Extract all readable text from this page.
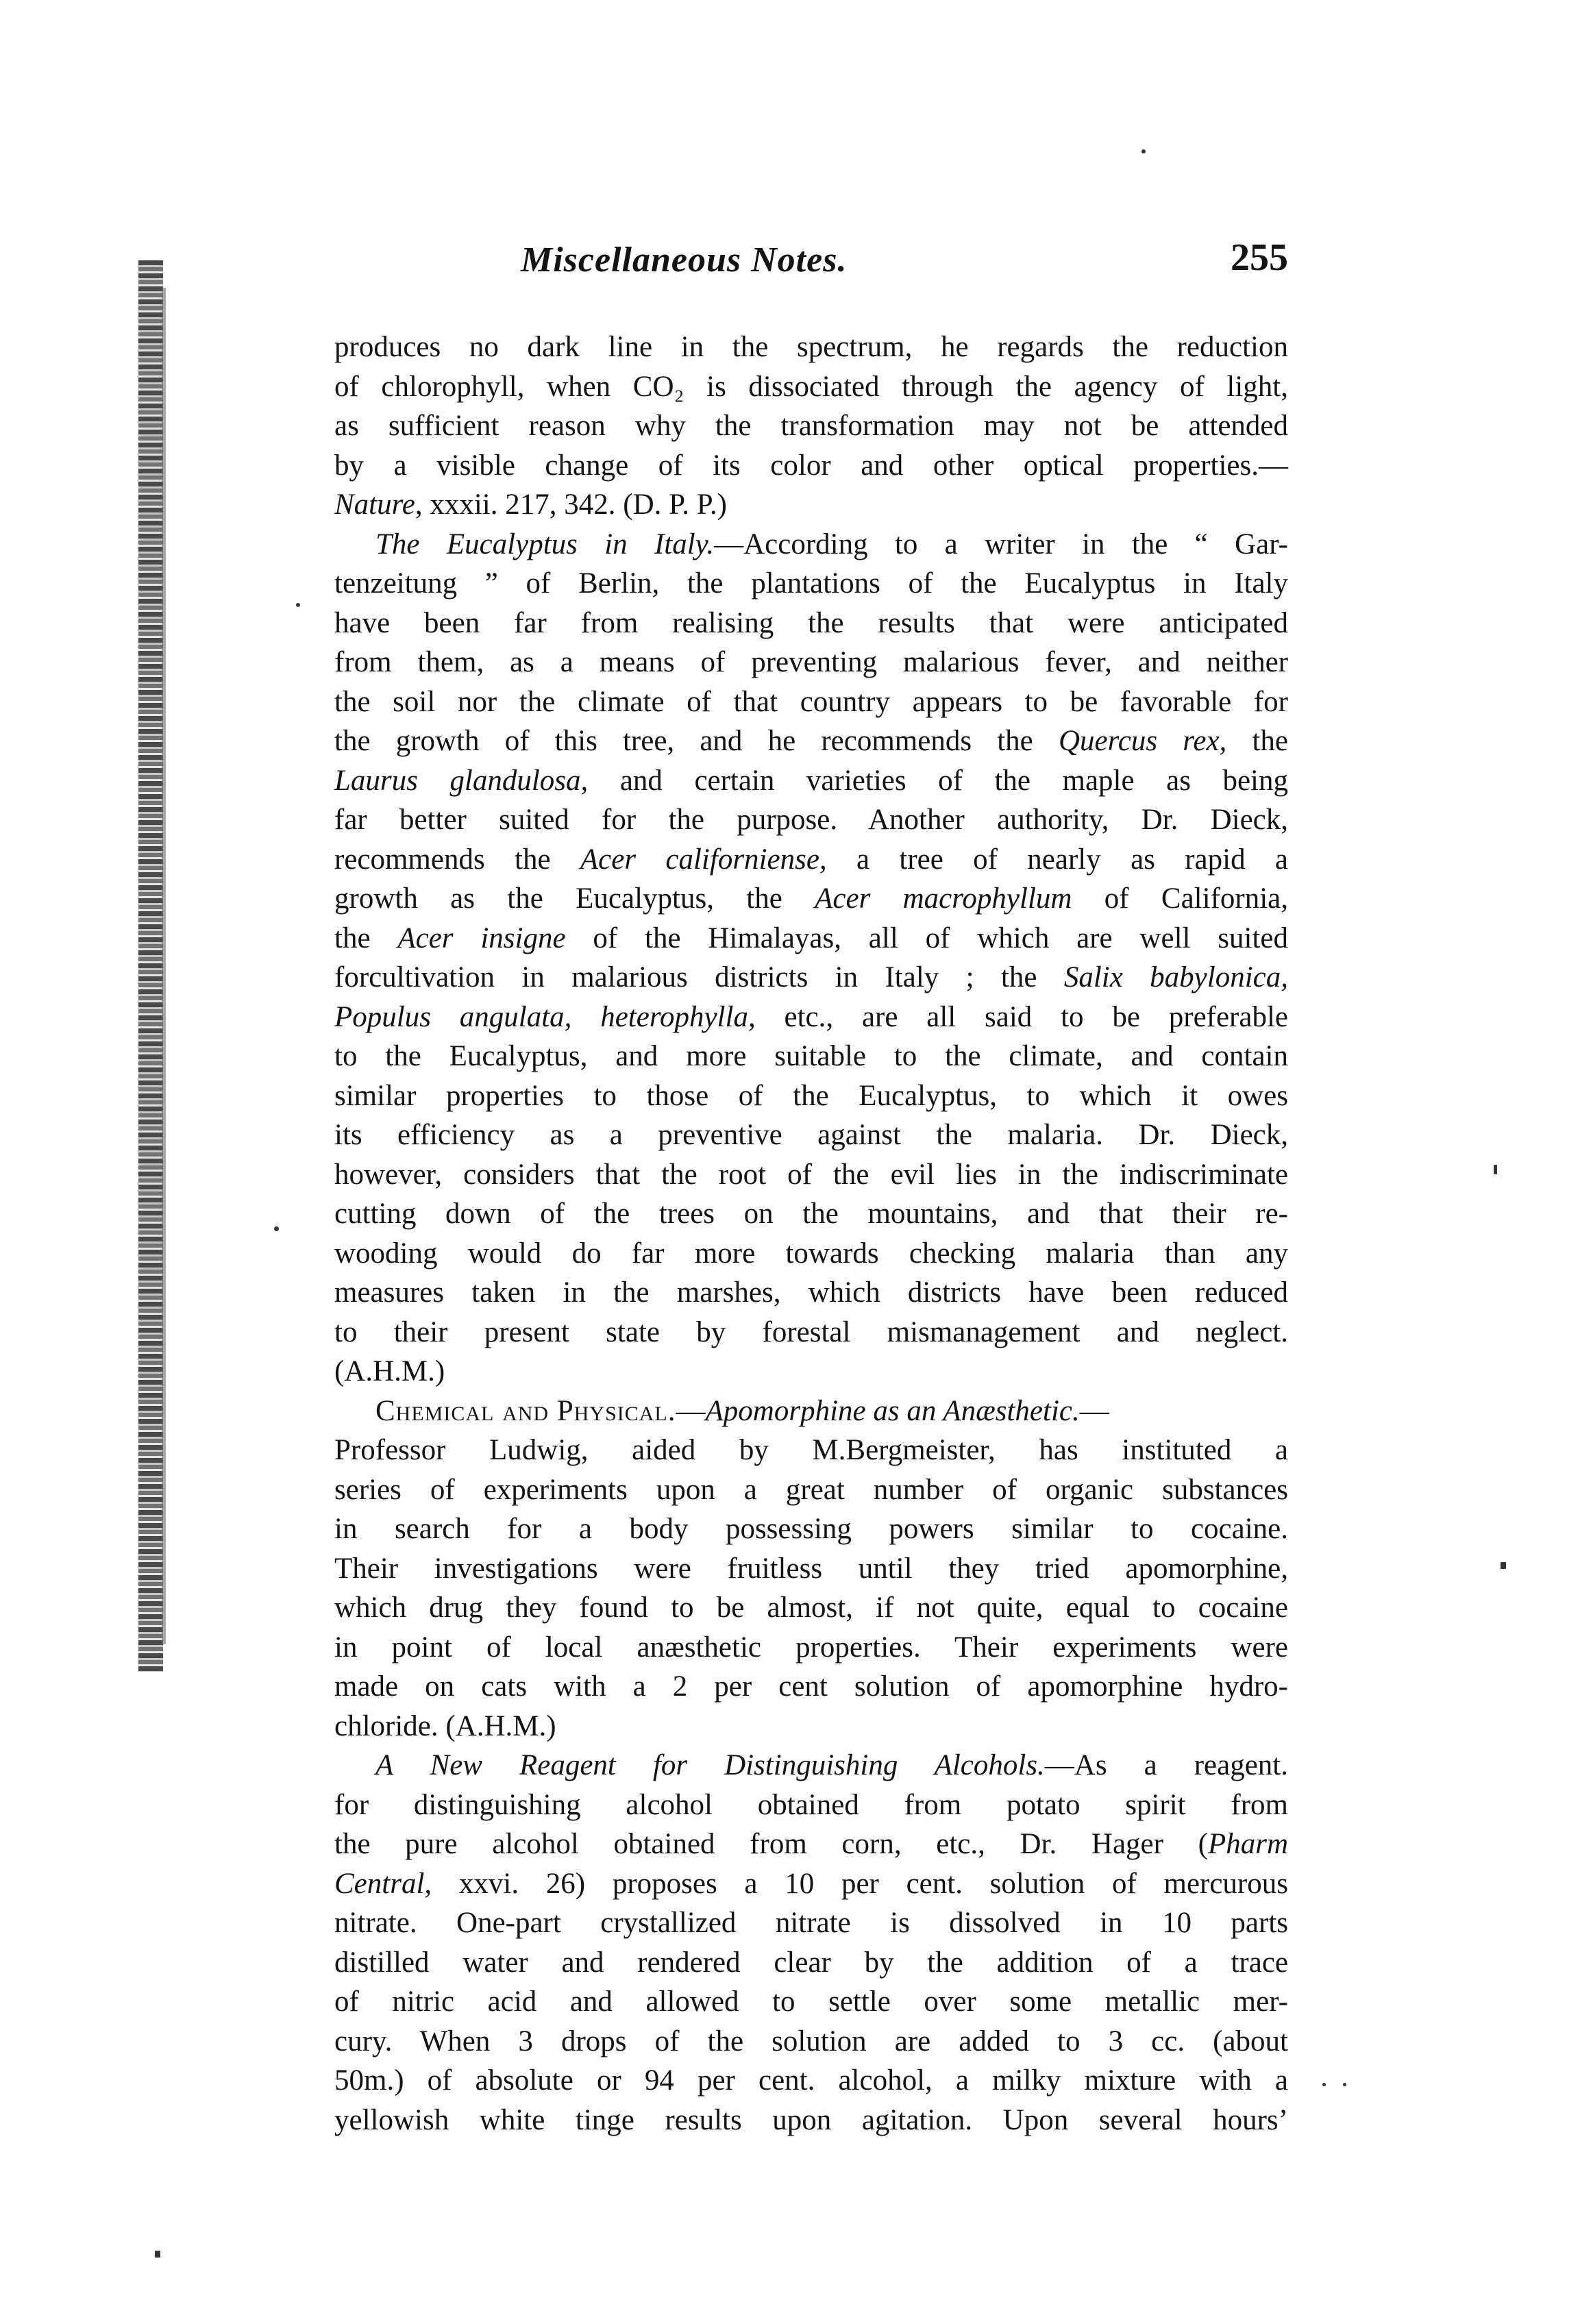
Miscellaneous Notes.	255
produces no dark line in the spectrum, he regards the reduction
of chlorophyll, when CO₂ is dissociated through the agency of light,
as sufficient reason why the transformation may not be attended
by a visible change of its color and other optical properties.—
Nature, xxxii. 217, 342. (D. P. P.)
The Eucalyptus in Italy.—According to a writer in the “ Gar-
tenzeitung ” of Berlin, the plantations of the Eucalyptus in Italy
have been far from realising the results that were anticipated
from them, as a means of preventing malarious fever, and neither
the soil nor the climate of that country appears to be favorable for
the growth of this tree, and he recommends the Quercus rex, the
Laurus glandulosa, and certain varieties of the maple as being
far better suited for the purpose. Another authority, Dr. Dieck,
recommends the Acer californiense, a tree of nearly as rapid a
growth as the Eucalyptus, the Acer macrophyllum of California,
the Acer insigne of the Himalayas, all of which are well suited
forcultivation in malarious districts in Italy ; the Salix babylonica,
Populus angulata, heterophylla, etc., are all said to be preferable
to the Eucalyptus, and more suitable to the climate, and contain
similar properties to those of the Eucalyptus, to which it owes
its efficiency as a preventive against the malaria. Dr. Dieck,
however, considers that the root of the evil lies in the indiscriminate
cutting down of the trees on the mountains, and that their re-
wooding would do far more towards checking malaria than any
measures taken in the marshes, which districts have been reduced
to their present state by forestal mismanagement and neglect.
(A.H.M.)
Chemical and Physical.—Apomorphine as an Anæsthetic.—
Professor Ludwig, aided by M.Bergmeister, has instituted a
series of experiments upon a great number of organic substances
in search for a body possessing powers similar to cocaine.
Their investigations were fruitless until they tried apomorphine,
which drug they found to be almost, if not quite, equal to cocaine
in point of local anæsthetic properties. Their experiments were
made on cats with a 2 per cent solution of apomorphine hydro-
chloride. (A.H.M.)
A New Reagent for Distinguishing Alcohols.—As a reagent.
for distinguishing alcohol obtained from potato spirit from
the pure alcohol obtained from corn, etc., Dr. Hager (Pharm
Central, xxvi. 26) proposes a 10 per cent. solution of mercurous
nitrate. One-part crystallized nitrate is dissolved in 10 parts
distilled water and rendered clear by the addition of a trace
of nitric acid and allowed to settle over some metallic mer-
cury. When 3 drops of the solution are added to 3 cc. (about
50m.) of absolute or 94 per cent. alcohol, a milky mixture with a
yellowish white tinge results upon agitation. Upon several hours’
